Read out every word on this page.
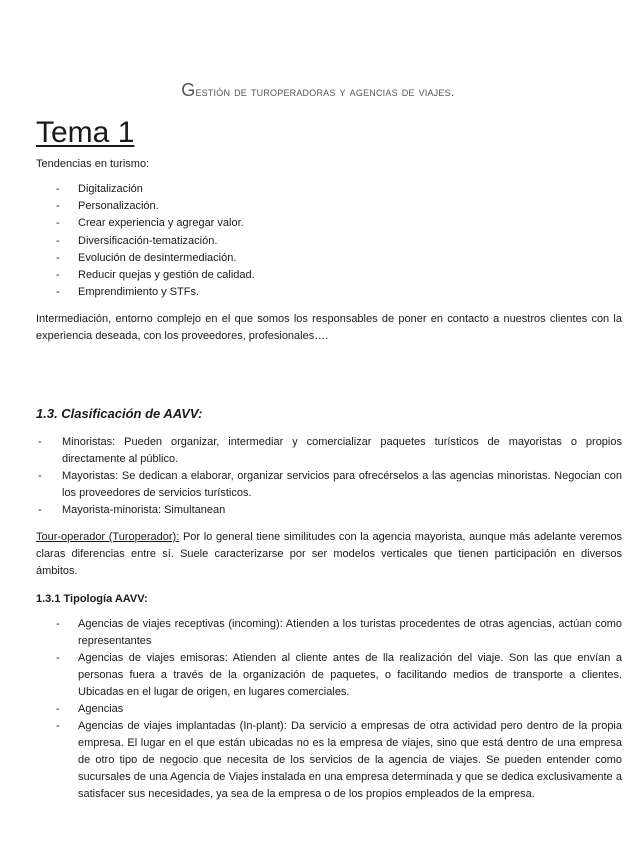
Gestión de turoperadoras y agencias de viajes.
Tema 1
Tendencias en turismo:
- Digitalización
- Personalización.
- Crear experiencia y agregar valor.
- Diversificación-tematización.
- Evolución de desintermediación.
- Reducir quejas y gestión de calidad.
- Emprendimiento y STFs.
Intermediación, entorno complejo en el que somos los responsables de poner en contacto a nuestros clientes con la experiencia deseada, con los proveedores, profesionales….
1.3. Clasificación de AAVV:
- Minoristas: Pueden organizar, intermediar y comercializar paquetes turísticos de mayoristas o propios directamente al público.
- Mayoristas: Se dedican a elaborar, organizar servicios para ofrecérselos a las agencias minoristas. Negocian con los proveedores de servicios turísticos.
- Mayorista-minorista: Simultanean
Tour-operador (Turoperador): Por lo general tiene similitudes con la agencia mayorista, aunque más adelante veremos claras diferencias entre sí. Suele caracterizarse por ser modelos verticales que tienen participación en diversos ámbitos.
1.3.1 Tipología AAVV:
- Agencias de viajes receptivas (incoming): Atienden a los turistas procedentes de otras agencias, actúan como representantes
- Agencias de viajes emisoras: Atienden al cliente antes de lla realización del viaje. Son las que envían a personas fuera a través de la organización de paquetes, o facilitando medios de transporte a clientes. Ubicadas en el lugar de origen, en lugares comerciales.
- Agencias
- Agencias de viajes implantadas (In-plant): Da servicio a empresas de otra actividad pero dentro de la propia empresa. El lugar en el que están ubicadas no es la empresa de viajes, sino que está dentro de una empresa de otro tipo de negocio que necesita de los servicios de la agencia de viajes. Se pueden entender como sucursales de una Agencia de Viajes instalada en una empresa determinada y que se dedica exclusivamente a satisfacer sus necesidades, ya sea de la empresa o de los propios empleados de la empresa.
